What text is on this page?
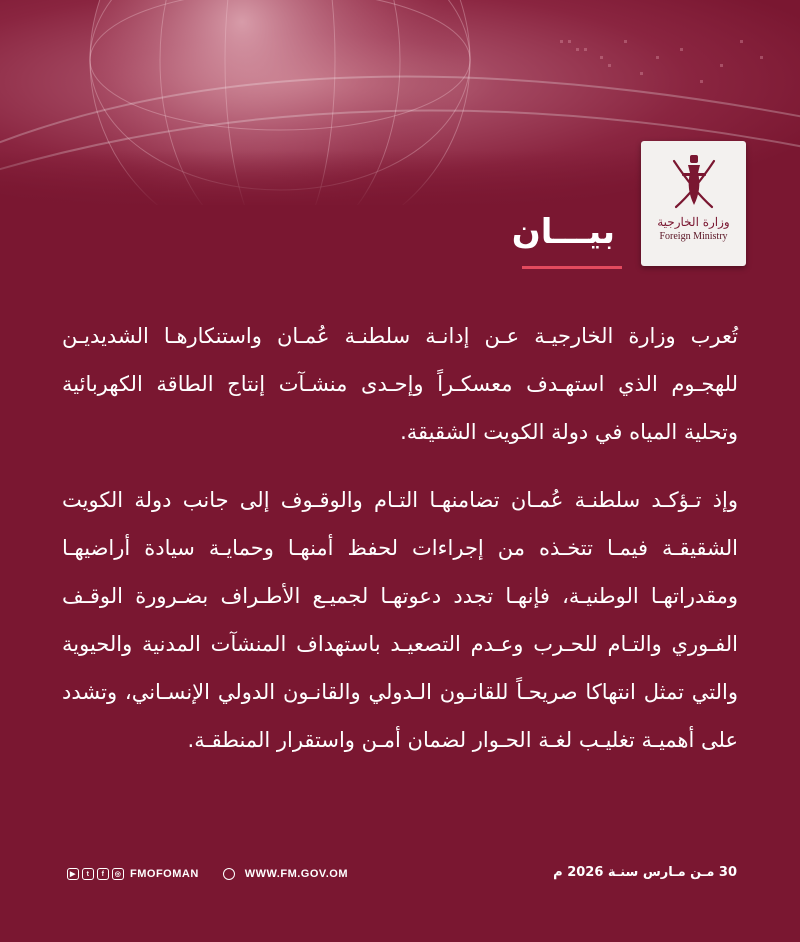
وزارة الخارجية
Foreign Ministry
بيـــان

تُعرب وزارة الخارجيـة عـن إدانـة سلطنـة عُمـان واستنكارهـا الشديديـن للهجـوم الذي استهـدف معسكـراً وإحـدى منشـآت إنتاج الطاقة الكهربائية وتحلية المياه في دولة الكويت الشقيقة.

وإذ تـؤكـد سلطنـة عُمـان تضامنهـا التـام والوقـوف إلى جانب دولة الكويت الشقيقـة فيمـا تتخـذه من إجراءات لحفظ أمنهـا وحمايـة سيادة أراضيهـا ومقدراتهـا الوطنيـة، فإنهـا تجدد دعوتهـا لجميـع الأطـراف بضـرورة الوقـف الفـوري والتـام للحـرب وعـدم التصعيـد باستهداف المنشآت المدنية والحيوية والتي تمثل انتهاكا صريحـاً للقانـون الـدولي والقانـون الدولي الإنسـاني، وتشدد على أهميـة تغليـب لغـة الحـوار لضمان أمـن واستقرار المنطقـة.

▶	t	f	◎ FMOFOMAN	WWW.FM.GOV.OM	30 مـن مـارس سنـة 2026 م
